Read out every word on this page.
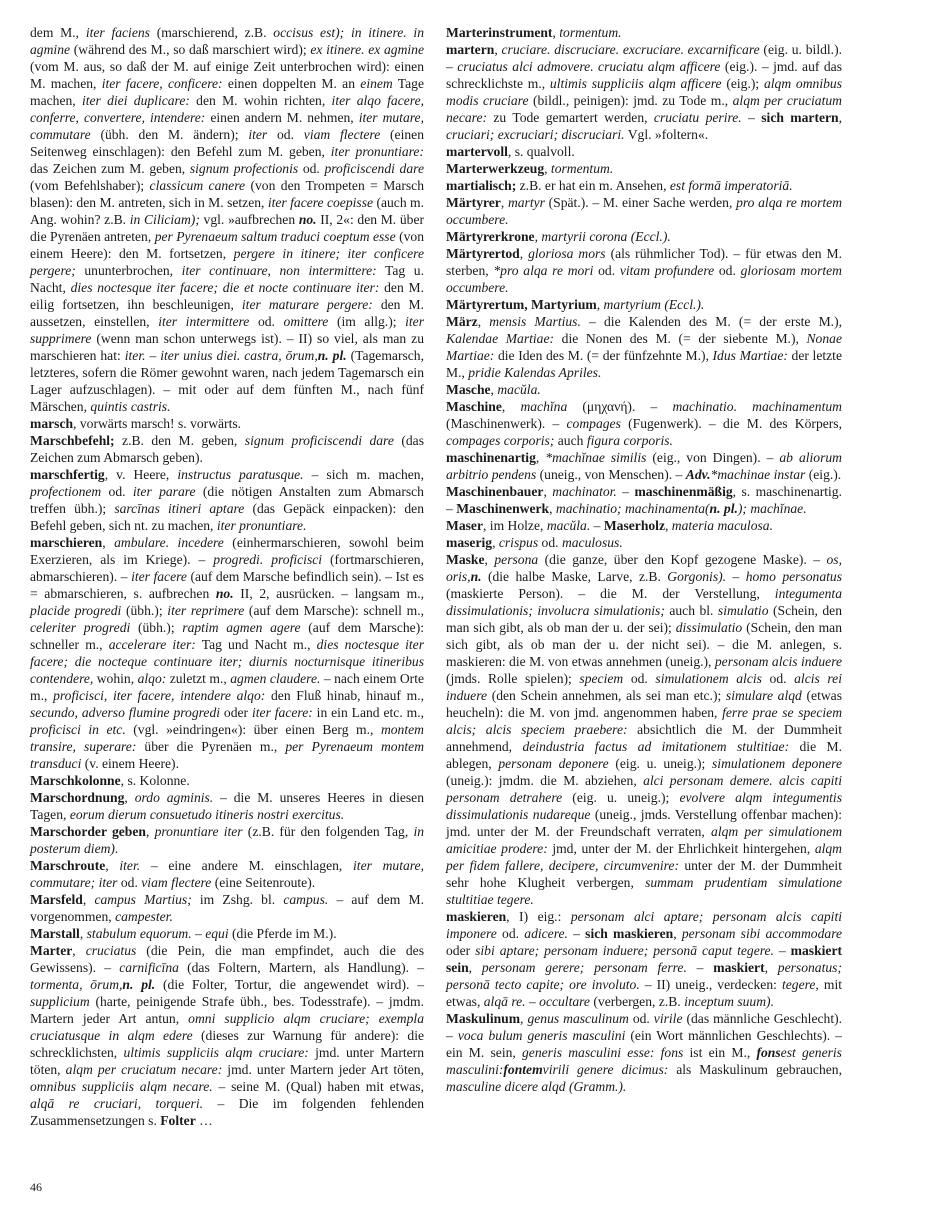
dem M., iter faciens (marschierend, z.B. occisus est); in itinere. in agmine (während des M., so daß marschiert wird); ex itinere. ex agmine (vom M. aus, so daß der M. auf einige Zeit unterbrochen wird): einen M. machen, iter facere, conficere: einen doppelten M. an einem Tage machen, iter diei duplicare: den M. wohin richten, iter alqo facere, conferre, convertere, intendere: einen andern M. nehmen, iter mutare, commutare (übh. den M. ändern); iter od. viam flectere (einen Seitenweg einschlagen): den Befehl zum M. geben, iter pronuntiare: das Zeichen zum M. geben, signum profectionis od. proficiscendi dare (vom Befehlshaber); classicum canere (von den Trompeten = Marsch blasen): den M. antreten, sich in M. setzen, iter facere coepisse (auch m. Ang. wohin? z.B. in Ciliciam); vgl. »aufbrechen no. II, 2«: den M. über die Pyrenäen antreten, per Pyrenaeum saltum traduci coeptum esse (von einem Heere): den M. fortsetzen, pergere in itinere; iter conficere pergere; ununterbrochen, iter continuare, non intermittere: Tag u. Nacht, dies noctesque iter facere; die et nocte continuare iter: den M. eilig fortsetzen, ihn beschleunigen, iter maturare pergere: den M. aussetzen, einstellen, iter intermittere od. omittere (im allg.); iter supprimere (wenn man schon unterwegs ist). – II) so viel, als man zu marschieren hat: iter. – iter unius diei. castra, ōrum,n. pl. (Tagemarsch, letzteres, sofern die Römer gewohnt waren, nach jedem Tagemarsch ein Lager aufzuschlagen). – mit oder auf dem fünften M., nach fünf Märschen, quintis castris.

marsch, vorwärts marsch! s. vorwärts.

Marschbefehl; z.B. den M. geben, signum proficiscendi dare (das Zeichen zum Abmarsch geben).

marschfertig, v. Heere, instructus paratusque. – sich m. machen, profectionem od. iter parare (die nötigen Anstalten zum Abmarsch treffen übh.); sarcīnas itineri aptare (das Gepäck einpacken): den Befehl geben, sich nt. zu machen, iter pronuntiare.

marschieren, ambulare. incedere (einhermarschieren, sowohl beim Exerzieren, als im Kriege). – progredi. proficisci (fortmarschieren, abmarschieren). – iter facere (auf dem Marsche befindlich sein). – Ist es = abmarschieren, s. aufbrechen no. II, 2, ausrücken. – langsam m., placide progredi (übh.); iter reprimere (auf dem Marsche): schnell m., celeriter progredi (übh.); raptim agmen agere (auf dem Marsche): schneller m., accelerare iter: Tag und Nacht m., dies noctesque iter facere; die nocteque continuare iter; diurnis nocturnisque itineribus contendere, wohin, alqo: zuletzt m., agmen claudere. – nach einem Orte m., proficisci, iter facere, intendere alqo: den Fluß hinab, hinauf m., secundo, adverso flumine progredi oder iter facere: in ein Land etc. m., proficisci in etc. (vgl. »eindringen«): über einen Berg m., montem transire, superare: über die Pyrenäen m., per Pyrenaeum montem transduci (v. einem Heere).

Marschkolonne, s. Kolonne.

Marschordnung, ordo agminis. – die M. unseres Heeres in diesen Tagen, eorum dierum consuetudo itineris nostri exercitus.

Marschorder geben, pronuntiare iter (z.B. für den folgenden Tag, in posterum diem).

Marschroute, iter. – eine andere M. einschlagen, iter mutare, commutare; iter od. viam flectere (eine Seitenroute).

Marsfeld, campus Martius; im Zshg. bl. campus. – auf dem M. vorgenommen, campester.

Marstall, stabulum equorum. – equi (die Pferde im M.).

Marter, cruciatus (die Pein, die man empfindet, auch die des Gewissens). – carnificīna (das Foltern, Martern, als Handlung). – tormenta, ōrum,n. pl. (die Folter, Tortur, die angewendet wird). – supplicium (harte, peinigende Strafe übh., bes. Todesstrafe). – jmdm. Martern jeder Art antun, omni supplicio alqm cruciare; exempla cruciatusque in alqm edere (dieses zur Warnung für andere): die schrecklichsten, ultimis suppliciis alqm cruciare: jmd. unter Martern töten, alqm per cruciatum necare: jmd. unter Martern jeder Art töten, omnibus suppliciis alqm necare. – seine M. (Qual) haben mit etwas, alqā re cruciari, torqueri. – Die im folgenden fehlenden Zusammensetzungen s. Folter …

Marterinstrument, tormentum.

martern, cruciare. discruciare. excruciare. excarnificare (eig. u. bildl.). – cruciatus alci admovere. cruciatu alqm afficere (eig.). – jmd. auf das schrecklichste m., ultimis suppliciis alqm afficere (eig.); alqm omnibus modis cruciare (bildl., peinigen): jmd. zu Tode m., alqm per cruciatum necare: zu Tode gemartert werden, cruciatu perire. – sich martern, cruciari; excruciari; discruciari. Vgl. »foltern«.

martervoll, s. qualvoll.

Marterwerkzeug, tormentum.

martialisch; z.B. er hat ein m. Ansehen, est formā imperatoriā.

Märtyrer, martyr (Spät.). – M. einer Sache werden, pro alqa re mortem occumbere.

Märtyrerkrone, martyrii corona (Eccl.).

Märtyrertod, gloriosa mors (als rühmlicher Tod). – für etwas den M. sterben, *pro alqa re mori od. vitam profundere od. gloriosam mortem occumbere.

Märtyrertum, Martyrium, martyrium (Eccl.).

März, mensis Martius. – die Kalenden des M. (= der erste M.), Kalendae Martiae: die Nonen des M. (= der siebente M.), Nonae Martiae: die Iden des M. (= der fünfzehnte M.), Idus Martiae: der letzte M., pridie Kalendas Apriles.

Masche, macŭla.

Maschine, machĭna (μηχανή). – machinatio. machinamentum (Maschinenwerk). – compages (Fugenwerk). – die M. des Körpers, compages corporis; auch figura corporis.

maschinenartig, *machĭnae similis (eig., von Dingen). – ab aliorum arbitrio pendens (uneig., von Menschen). – Adv.*machinae instar (eig.).

Maschinenbauer, machinator. – maschinenmäßig, s. maschinenartig. – Maschinenwerk, machinatio; machinamenta(n. pl.); machĭnae.

Maser, im Holze, macŭla. – Maserholz, materia maculosa.

maserig, crispus od. maculosus.

Maske, persona (die ganze, über den Kopf gezogene Maske). – os, oris,n. (die halbe Maske, Larve, z.B. Gorgonis). – homo personatus (maskierte Person). – die M. der Verstellung, integumenta dissimulationis; involucra simulationis; auch bl. simulatio (Schein, den man sich gibt, als ob man der u. der sei); dissimulatio (Schein, den man sich gibt, als ob man der u. der nicht sei). – die M. anlegen, s. maskieren: die M. von etwas annehmen (uneig.), personam alcis induere (jmds. Rolle spielen); speciem od. simulationem alcis od. alcis rei induere (den Schein annehmen, als sei man etc.); simulare alqd (etwas heucheln): die M. von jmd. angenommen haben, ferre prae se speciem alcis; alcis speciem praebere: absichtlich die M. der Dummheit annehmend, deindustria factus ad imitationem stultitiae: die M. ablegen, personam deponere (eig. u. uneig.); simulationem deponere (uneig.): jmdm. die M. abziehen, alci personam demere. alcis capiti personam detrahere (eig. u. uneig.); evolvere alqm integumentis dissimulationis nudareque (uneig., jmds. Verstellung offenbar machen): jmd. unter der M. der Freundschaft verraten, alqm per simulationem amicitiae prodere: jmd, unter der M. der Ehrlichkeit hintergehen, alqm per fidem fallere, decipere, circumvenire: unter der M. der Dummheit sehr hohe Klugheit verbergen, summam prudentiam simulatione stultitiae tegere.

maskieren, I) eig.: personam alci aptare; personam alcis capiti imponere od. adicere. – sich maskieren, personam sibi accommodare oder sibi aptare; personam induere; personā caput tegere. – maskiert sein, personam gerere; personam ferre. – maskiert, personatus; personā tecto capite; ore involuto. – II) uneig., verdecken: tegere, mit etwas, alqā re. – occultare (verbergen, z.B. inceptum suum).

Maskulinum, genus masculinum od. virile (das männliche Geschlecht). – voca bulum generis masculini (ein Wort männlichen Geschlechts). – ein M. sein, generis masculini esse: fons ist ein M., fonsest generis masculini:fontemvirili genere dicimus: als Maskulinum gebrauchen, masculine dicere alqd (Gramm.).

46
